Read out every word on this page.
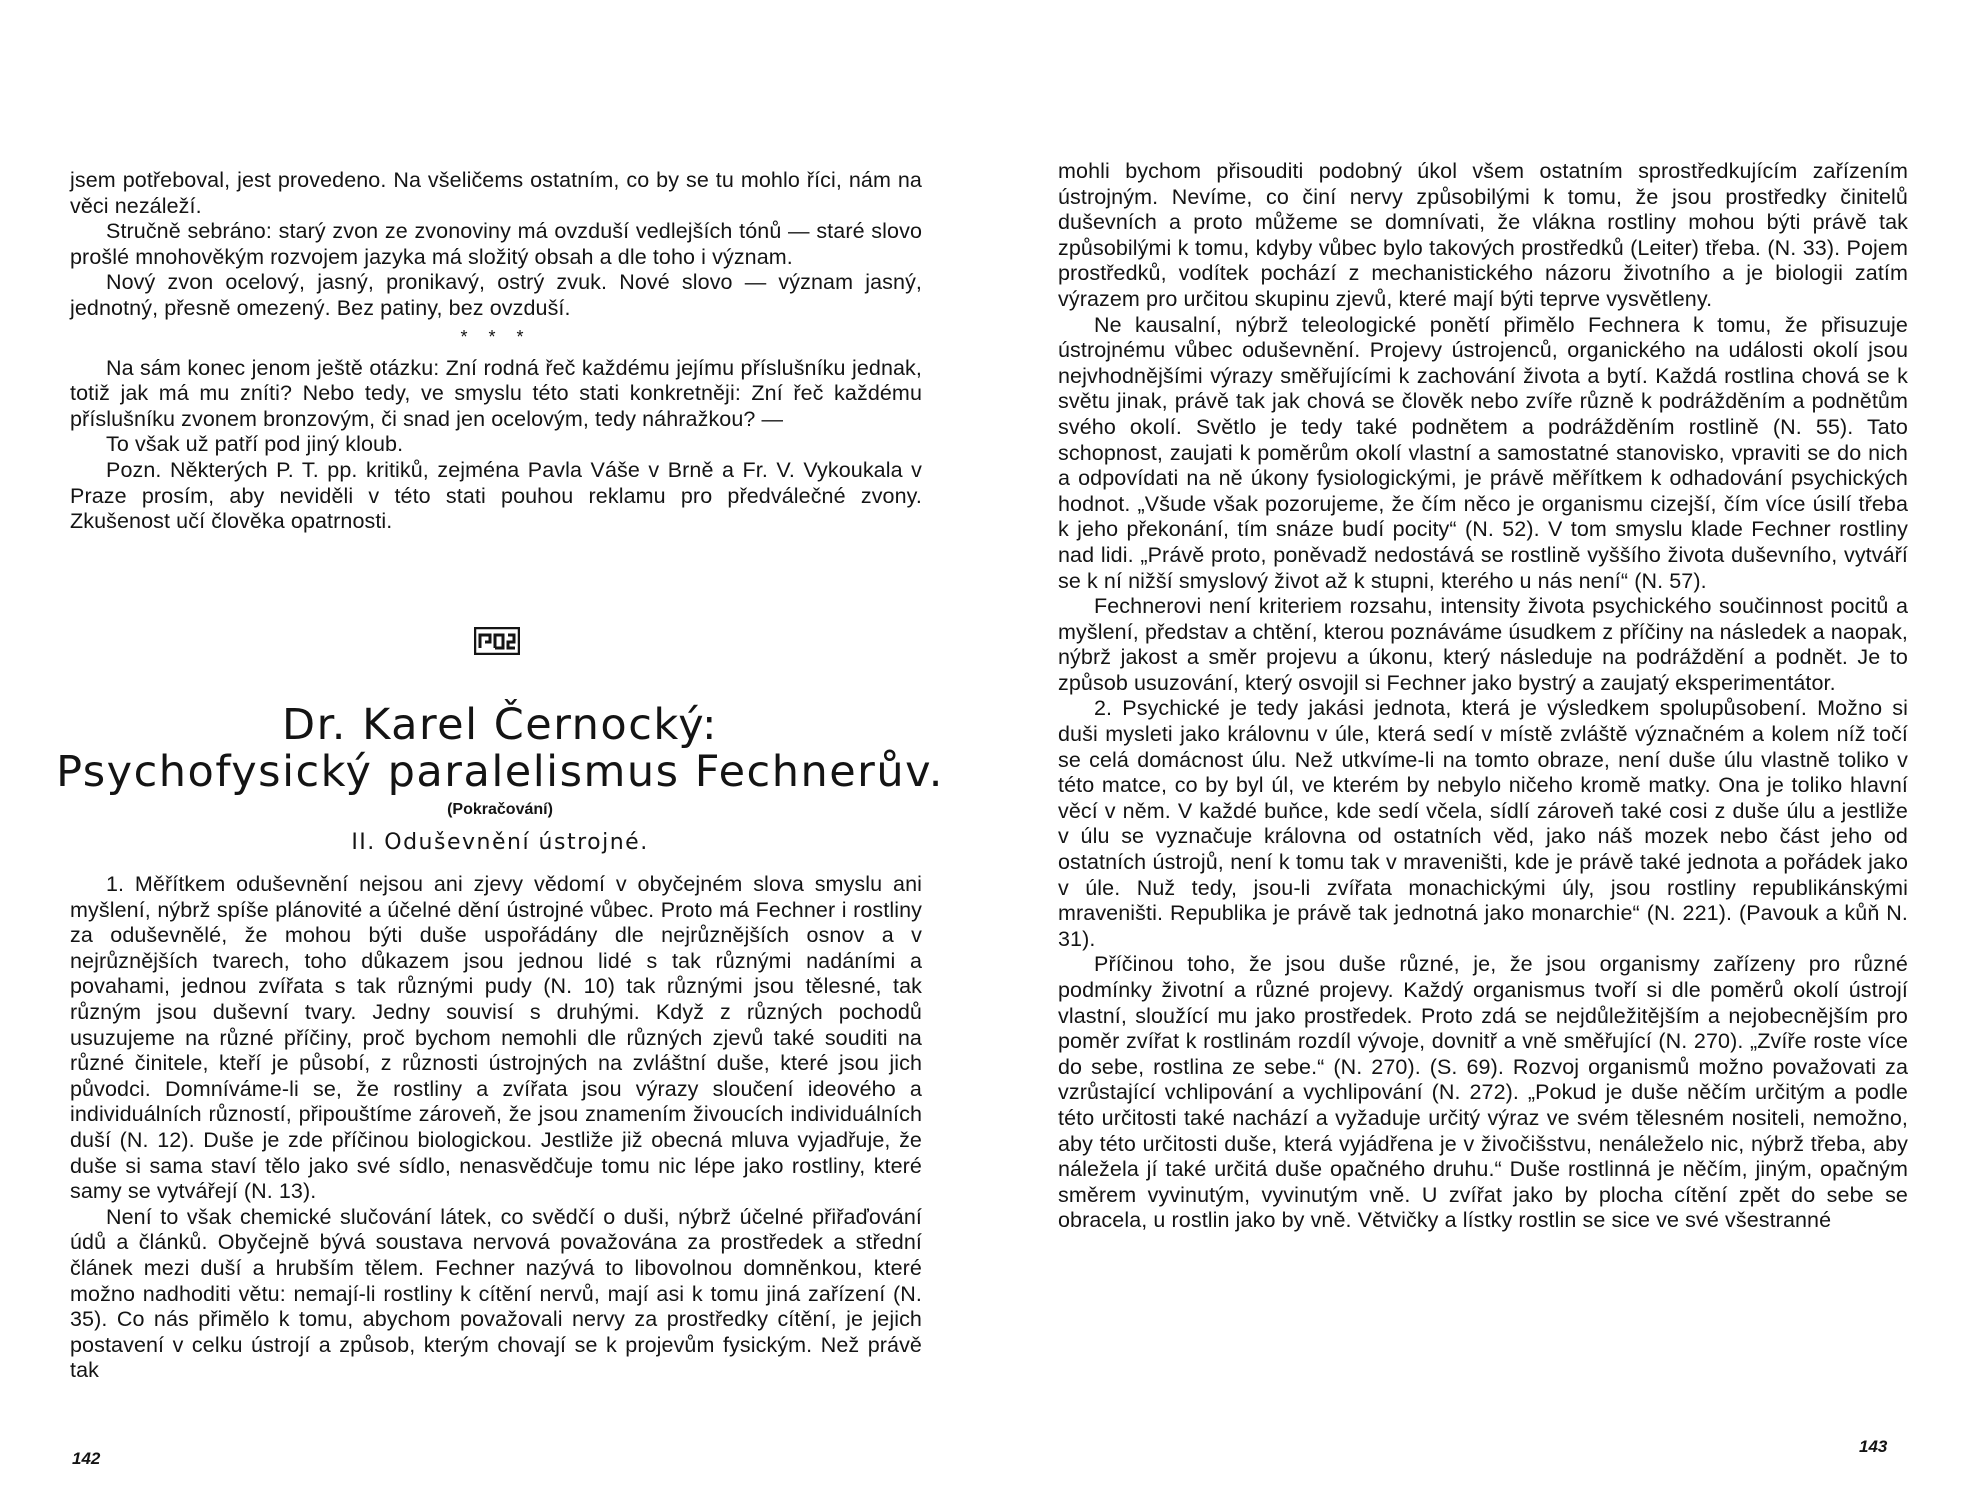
jsem potřeboval, jest provedeno. Na všeličems ostatním, co by se tu mohlo říci, nám na věci nezáleží.

Stručně sebráno: starý zvon ze zvonoviny má ovzduší vedlejších tónů — staré slovo prošlé mnohověkým rozvojem jazyka má složitý obsah a dle toho i význam.

Nový zvon ocelový, jasný, pronikavý, ostrý zvuk. Nové slovo — význam jasný, jednotný, přesně omezený. Bez patiny, bez ovzduší.

* * *

Na sám konec jenom ještě otázku: Zní rodná řeč každému jejímu příslušníku jednak, totiž jak má mu zníti? Nebo tedy, ve smyslu této stati konkretněji: Zní řeč každému příslušníku zvonem bronzovým, či snad jen ocelovým, tedy náhražkou? —

To však už patří pod jiný kloub.

Pozn. Některých P. T. pp. kritiků, zejména Pavla Váše v Brně a Fr. V. Vykoukala v Praze prosím, aby neviděli v této stati pouhou reklamu pro předválečné zvony. Zkušenost učí člověka opatrnosti.

Dr. Karel Černocký:
Psychofysický paralelismus Fechnerův.
(Pokračování)
II. Oduševnění ústrojné.

1. Měřítkem oduševnění nejsou ani zjevy vědomí v obyčejném slova smyslu ani myšlení, nýbrž spíše plánovité a účelné dění ústrojné vůbec. Proto má Fechner i rostliny za oduševnělé, že mohou býti duše uspořádány dle nejrůznějších osnov a v nejrůznějších tvarech, toho důkazem jsou jednou lidé s tak různými nadáními a povahami, jednou zvířata s tak různými pudy (N. 10) tak různými jsou tělesné, tak různým jsou duševní tvary. Jedny souvisí s druhými. Když z různých pochodů usuzujeme na různé příčiny, proč bychom nemohli dle různých zjevů také souditi na různé činitele, kteří je působí, z různosti ústrojných na zvláštní duše, které jsou jich původci. Domníváme-li se, že rostliny a zvířata jsou výrazy sloučení ideového a individuálních růzností, připouštíme zároveň, že jsou znamením živoucích individuálních duší (N. 12). Duše je zde příčinou biologickou. Jestliže již obecná mluva vyjadřuje, že duše si sama staví tělo jako své sídlo, nenasvědčuje tomu nic lépe jako rostliny, které samy se vytvářejí (N. 13).

Není to však chemické slučování látek, co svědčí o duši, nýbrž účelné přiřaďování údů a článků. Obyčejně bývá soustava nervová považována za prostředek a střední článek mezi duší a hrubším tělem. Fechner nazývá to libovolnou domněnkou, které možno nadhoditi větu: nemají-li rostliny k cítění nervů, mají asi k tomu jiná zařízení (N. 35). Co nás přimělo k tomu, abychom považovali nervy za prostředky cítění, je jejich postavení v celku ústrojí a způsob, kterým chovají se k projevům fysickým. Než právě tak

142

mohli bychom přisouditi podobný úkol všem ostatním sprostředkujícím zařízením ústrojným. Nevíme, co činí nervy způsobilými k tomu, že jsou prostředky činitelů duševních a proto můžeme se domnívati, že vlákna rostliny mohou býti právě tak způsobilými k tomu, kdyby vůbec bylo takových prostředků (Leiter) třeba. (N. 33). Pojem prostředků, vodítek pochází z mechanistického názoru životního a je biologii zatím výrazem pro určitou skupinu zjevů, které mají býti teprve vysvětleny.

Ne kausalní, nýbrž teleologické ponětí přimělo Fechnera k tomu, že přisuzuje ústrojnému vůbec oduševnění. Projevy ústrojenců, organického na události okolí jsou nejvhodnějšími výrazy směřujícími k zachování života a bytí. Každá rostlina chová se k světu jinak, právě tak jak chová se člověk nebo zvíře různě k podrážděním a podnětům svého okolí. Světlo je tedy také podnětem a podrážděním rostlině (N. 55). Tato schopnost, zaujati k poměrům okolí vlastní a samostatné stanovisko, vpraviti se do nich a odpovídati na ně úkony fysiologickými, je právě měřítkem k odhadování psychických hodnot. „Všude však pozorujeme, že čím něco je organismu cizejší, čím více úsilí třeba k jeho překonání, tím snáze budí pocity“ (N. 52). V tom smyslu klade Fechner rostliny nad lidi. „Právě proto, poněvadž nedostává se rostlině vyššího života duševního, vytváří se k ní nižší smyslový život až k stupni, kterého u nás není“ (N. 57).

Fechnerovi není kriteriem rozsahu, intensity života psychického součinnost pocitů a myšlení, představ a chtění, kterou poznáváme úsudkem z příčiny na následek a naopak, nýbrž jakost a směr projevu a úkonu, který následuje na podráždění a podnět. Je to způsob usuzování, který osvojil si Fechner jako bystrý a zaujatý eksperimentátor.

2. Psychické je tedy jakási jednota, která je výsledkem spolupůsobení. Možno si duši mysleti jako královnu v úle, která sedí v místě zvláště význačném a kolem níž točí se celá domácnost úlu. Než utkvíme-li na tomto obraze, není duše úlu vlastně toliko v této matce, co by byl úl, ve kterém by nebylo ničeho kromě matky. Ona je toliko hlavní věcí v něm. V každé buňce, kde sedí včela, sídlí zároveň také cosi z duše úlu a jestliže v úlu se vyznačuje královna od ostatních věd, jako náš mozek nebo část jeho od ostatních ústrojů, není k tomu tak v mraveništi, kde je právě také jednota a pořádek jako v úle. Nuž tedy, jsou-li zvířata monachickými úly, jsou rostliny republikánskými mraveništi. Republika je právě tak jednotná jako monarchie“ (N. 221). (Pavouk a kůň N. 31).

Příčinou toho, že jsou duše různé, je, že jsou organismy zařízeny pro různé podmínky životní a různé projevy. Každý organismus tvoří si dle poměrů okolí ústrojí vlastní, sloužící mu jako prostředek. Proto zdá se nejdůležitějším a nejobecnějším pro poměr zvířat k rostlinám rozdíl vývoje, dovnitř a vně směřující (N. 270). „Zvíře roste více do sebe, rostlina ze sebe.“ (N. 270). (S. 69). Rozvoj organismů možno považovati za vzrůstající vchlipování a vychlipování (N. 272). „Pokud je duše něčím určitým a podle této určitosti také nachází a vyžaduje určitý výraz ve svém tělesném nositeli, nemožno, aby této určitosti duše, která vyjádřena je v živočišstvu, nenáleželo nic, nýbrž třeba, aby náležela jí také určitá duše opačného druhu.“ Duše rostlinná je něčím, jiným, opačným směrem vyvinutým, vyvinutým vně. U zvířat jako by plocha cítění zpět do sebe se obracela, u rostlin jako by vně. Větvičky a lístky rostlin se sice ve své všestranné

143
